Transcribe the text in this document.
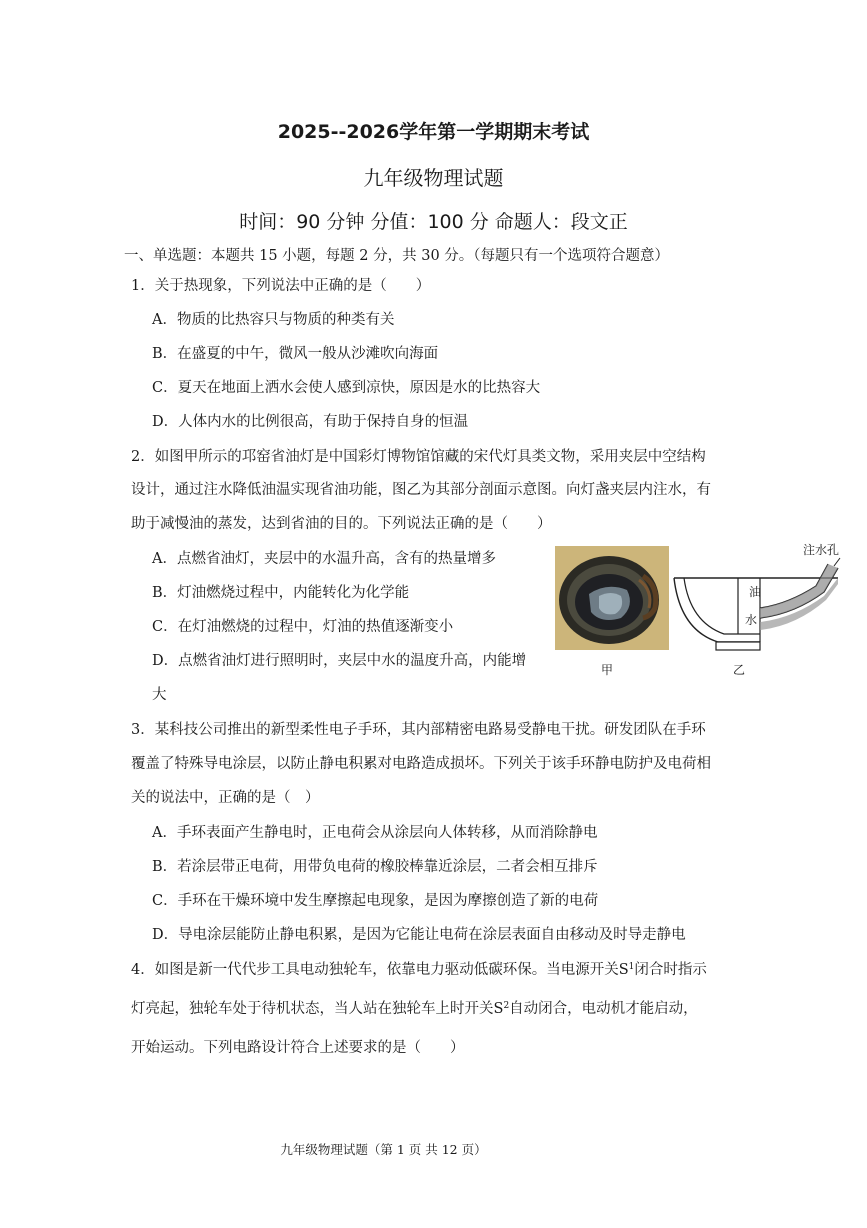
2025--2026学年第一学期期末考试
九年级物理试题
时间：90 分钟 分值：100 分 命题人：段文正
一、单选题：本题共 15 小题，每题 2 分，共 30 分。（每题只有一个选项符合题意）
1．关于热现象，下列说法中正确的是（　　）
A．物质的比热容只与物质的种类有关
B．在盛夏的中午，微风一般从沙滩吹向海面
C．夏天在地面上洒水会使人感到凉快，原因是水的比热容大
D．人体内水的比例很高，有助于保持自身的恒温
2．如图甲所示的邛窑省油灯是中国彩灯博物馆馆藏的宋代灯具类文物，采用夹层中空结构
设计，通过注水降低油温实现省油功能，图乙为其部分剖面示意图。向灯盏夹层内注水，有
助于减慢油的蒸发，达到省油的目的。下列说法正确的是（　　）
A．点燃省油灯，夹层中的水温升高，含有的热量增多
B．灯油燃烧过程中，内能转化为化学能
C．在灯油燃烧的过程中，灯油的热值逐渐变小
D．点燃省油灯进行照明时，夹层中水的温度升高，内能增
大
注水孔
油
水
甲	乙
3．某科技公司推出的新型柔性电子手环，其内部精密电路易受静电干扰。研发团队在手环
覆盖了特殊导电涂层，以防止静电积累对电路造成损坏。下列关于该手环静电防护及电荷相
关的说法中，正确的是（　）
A．手环表面产生静电时，正电荷会从涂层向人体转移，从而消除静电
B．若涂层带正电荷，用带负电荷的橡胶棒靠近涂层，二者会相互排斥
C．手环在干燥环境中发生摩擦起电现象，是因为摩擦创造了新的电荷
D．导电涂层能防止静电积累，是因为它能让电荷在涂层表面自由移动及时导走静电
4．如图是新一代代步工具电动独轮车，依靠电力驱动低碳环保。当电源开关$S^1$闭合时指示
灯亮起，独轮车处于待机状态，当人站在独轮车上时开关$S^2$自动闭合，电动机才能启动，
开始运动。下列电路设计符合上述要求的是（　　）
九年级物理试题（第 1 页 共 12 页）
